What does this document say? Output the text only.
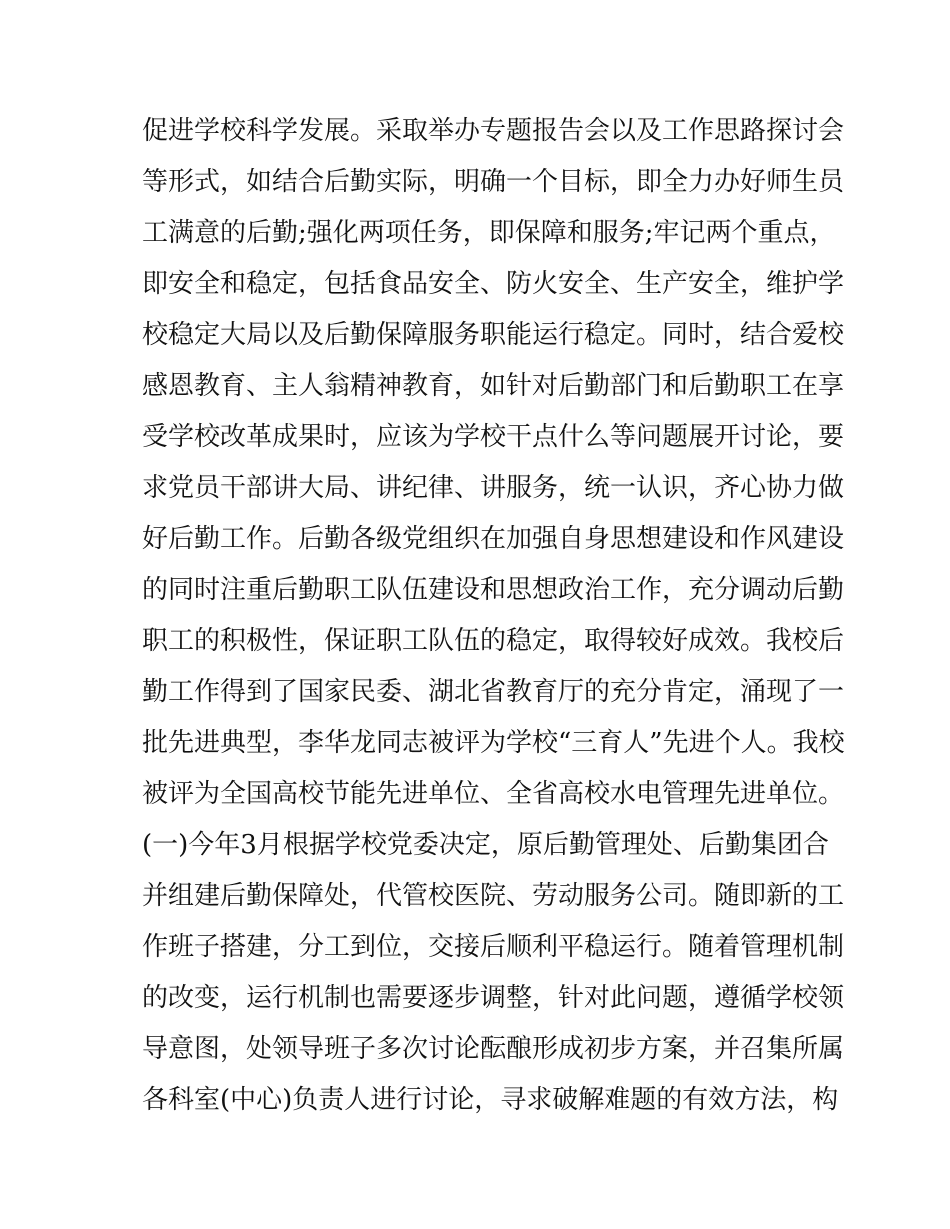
促进学校科学发展。采取举办专题报告会以及工作思路探讨会
等形式，如结合后勤实际，明确一个目标，即全力办好师生员
工满意的后勤;强化两项任务，即保障和服务;牢记两个重点，
即安全和稳定，包括食品安全、防火安全、生产安全，维护学
校稳定大局以及后勤保障服务职能运行稳定。同时，结合爱校
感恩教育、主人翁精神教育，如针对后勤部门和后勤职工在享
受学校改革成果时，应该为学校干点什么等问题展开讨论，要
求党员干部讲大局、讲纪律、讲服务，统一认识，齐心协力做
好后勤工作。后勤各级党组织在加强自身思想建设和作风建设
的同时注重后勤职工队伍建设和思想政治工作，充分调动后勤
职工的积极性，保证职工队伍的稳定，取得较好成效。我校后
勤工作得到了国家民委、湖北省教育厅的充分肯定，涌现了一
批先进典型，李华龙同志被评为学校“三育人”先进个人。我校
被评为全国高校节能先进单位、全省高校水电管理先进单位。
(一)今年3月根据学校党委决定，原后勤管理处、后勤集团合
并组建后勤保障处，代管校医院、劳动服务公司。随即新的工
作班子搭建，分工到位，交接后顺利平稳运行。随着管理机制
的改变，运行机制也需要逐步调整，针对此问题，遵循学校领
导意图，处领导班子多次讨论酝酿形成初步方案，并召集所属
各科室(中心)负责人进行讨论，寻求破解难题的有效方法，构
